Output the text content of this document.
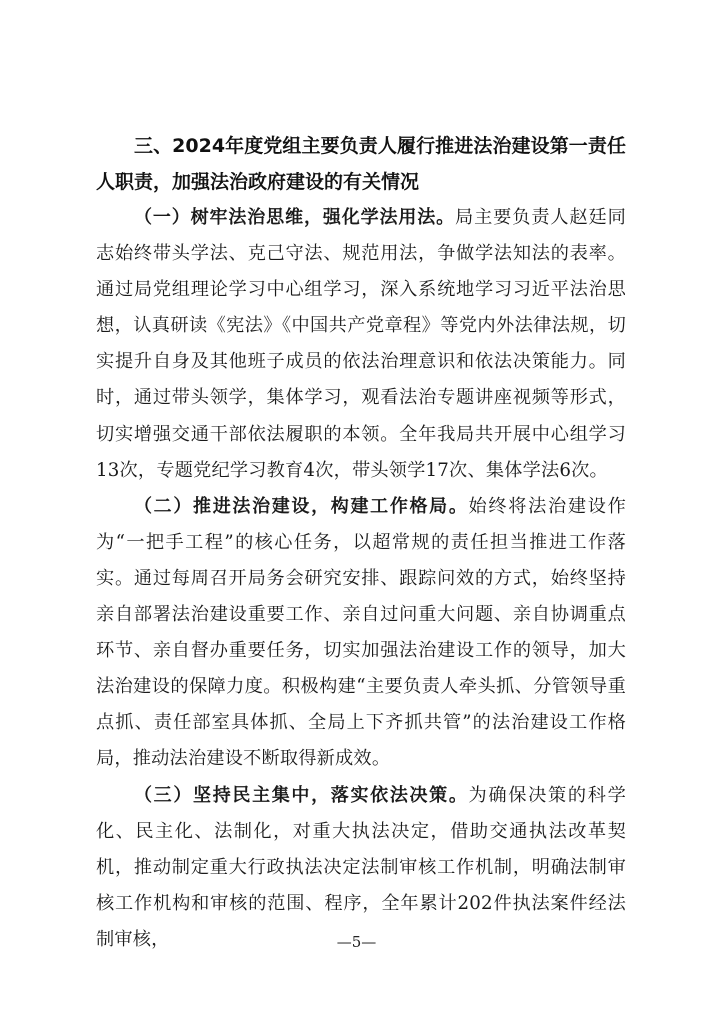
三、2024年度党组主要负责人履行推进法治建设第一责任人职责，加强法治政府建设的有关情况

（一）树牢法治思维，强化学法用法。局主要负责人赵廷同志始终带头学法、克己守法、规范用法，争做学法知法的表率。通过局党组理论学习中心组学习，深入系统地学习习近平法治思想，认真研读《宪法》《中国共产党章程》等党内外法律法规，切实提升自身及其他班子成员的依法治理意识和依法决策能力。同时，通过带头领学，集体学习，观看法治专题讲座视频等形式，切实增强交通干部依法履职的本领。全年我局共开展中心组学习13次，专题党纪学习教育4次，带头领学17次、集体学法6次。

（二）推进法治建设，构建工作格局。始终将法治建设作为“一把手工程”的核心任务，以超常规的责任担当推进工作落实。通过每周召开局务会研究安排、跟踪问效的方式，始终坚持亲自部署法治建设重要工作、亲自过问重大问题、亲自协调重点环节、亲自督办重要任务，切实加强法治建设工作的领导，加大法治建设的保障力度。积极构建“主要负责人牵头抓、分管领导重点抓、责任部室具体抓、全局上下齐抓共管”的法治建设工作格局，推动法治建设不断取得新成效。

（三）坚持民主集中，落实依法决策。为确保决策的科学化、民主化、法制化，对重大执法决定，借助交通执法改革契机，推动制定重大行政执法决定法制审核工作机制，明确法制审核工作机构和审核的范围、程序，全年累计202件执法案件经法制审核，	—5—
